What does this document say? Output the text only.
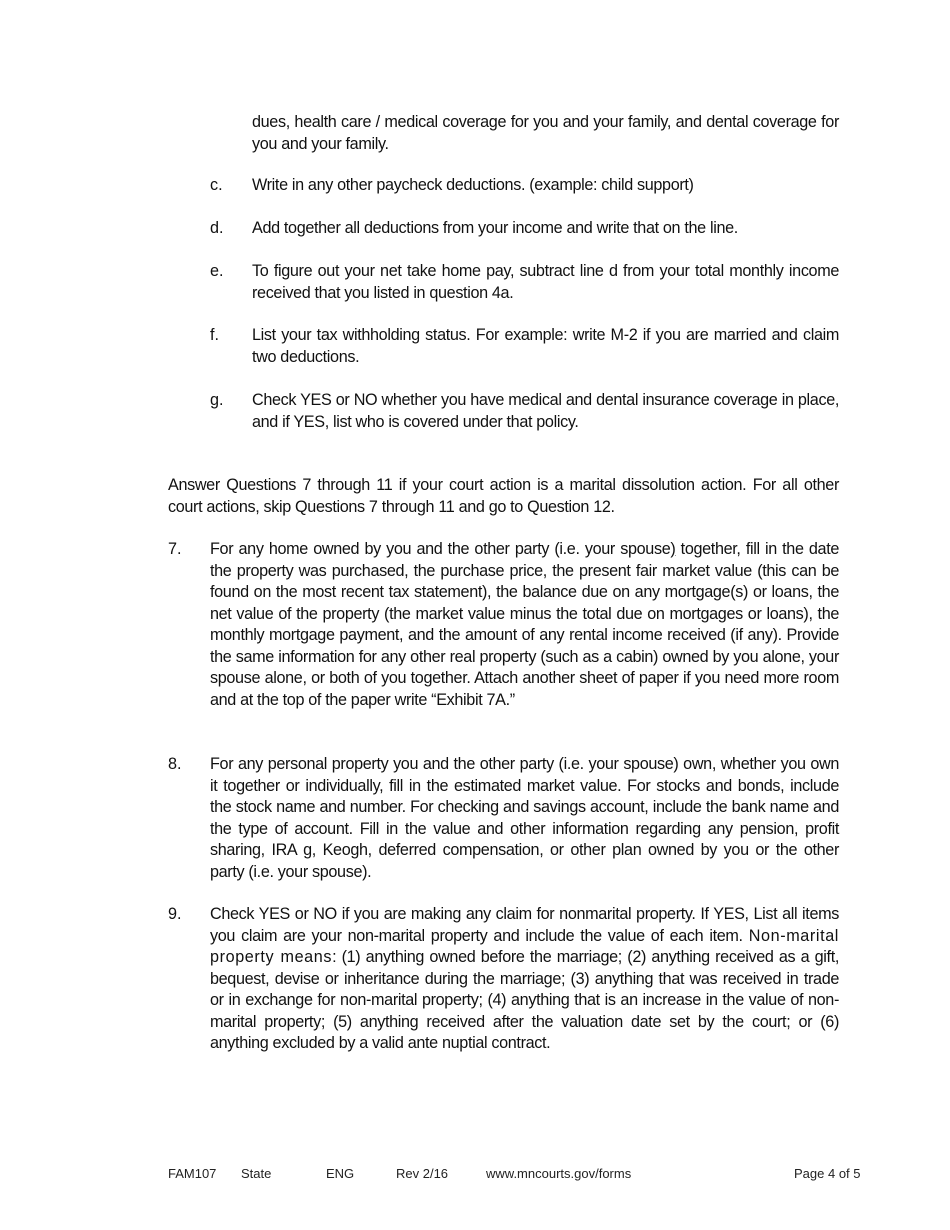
dues, health care / medical coverage for you and your family, and dental coverage for you and your family.
c. Write in any other paycheck deductions. (example: child support)
d. Add together all deductions from your income and write that on the line.
e. To figure out your net take home pay, subtract line d from your total monthly income received that you listed in question 4a.
f. List your tax withholding status. For example: write M-2 if you are married and claim two deductions.
g. Check YES or NO whether you have medical and dental insurance coverage in place, and if YES, list who is covered under that policy.
Answer Questions 7 through 11 if your court action is a marital dissolution action. For all other court actions, skip Questions 7 through 11 and go to Question 12.
7. For any home owned by you and the other party (i.e. your spouse) together, fill in the date the property was purchased, the purchase price, the present fair market value (this can be found on the most recent tax statement), the balance due on any mortgage(s) or loans, the net value of the property (the market value minus the total due on mortgages or loans), the monthly mortgage payment, and the amount of any rental income received (if any). Provide the same information for any other real property (such as a cabin) owned by you alone, your spouse alone, or both of you together. Attach another sheet of paper if you need more room and at the top of the paper write “Exhibit 7A.”
8. For any personal property you and the other party (i.e. your spouse) own, whether you own it together or individually, fill in the estimated market value. For stocks and bonds, include the stock name and number. For checking and savings account, include the bank name and the type of account. Fill in the value and other information regarding any pension, profit sharing, IRA g, Keogh, deferred compensation, or other plan owned by you or the other party (i.e. your spouse).
9. Check YES or NO if you are making any claim for nonmarital property. If YES, List all items you claim are your non-marital property and include the value of each item. Non-marital property means: (1) anything owned before the marriage; (2) anything received as a gift, bequest, devise or inheritance during the marriage; (3) anything that was received in trade or in exchange for non-marital property; (4) anything that is an increase in the value of non-marital property; (5) anything received after the valuation date set by the court; or (6) anything excluded by a valid ante nuptial contract.
FAM107 State	ENG	Rev 2/16	www.mncourts.gov/forms	Page 4 of 5
